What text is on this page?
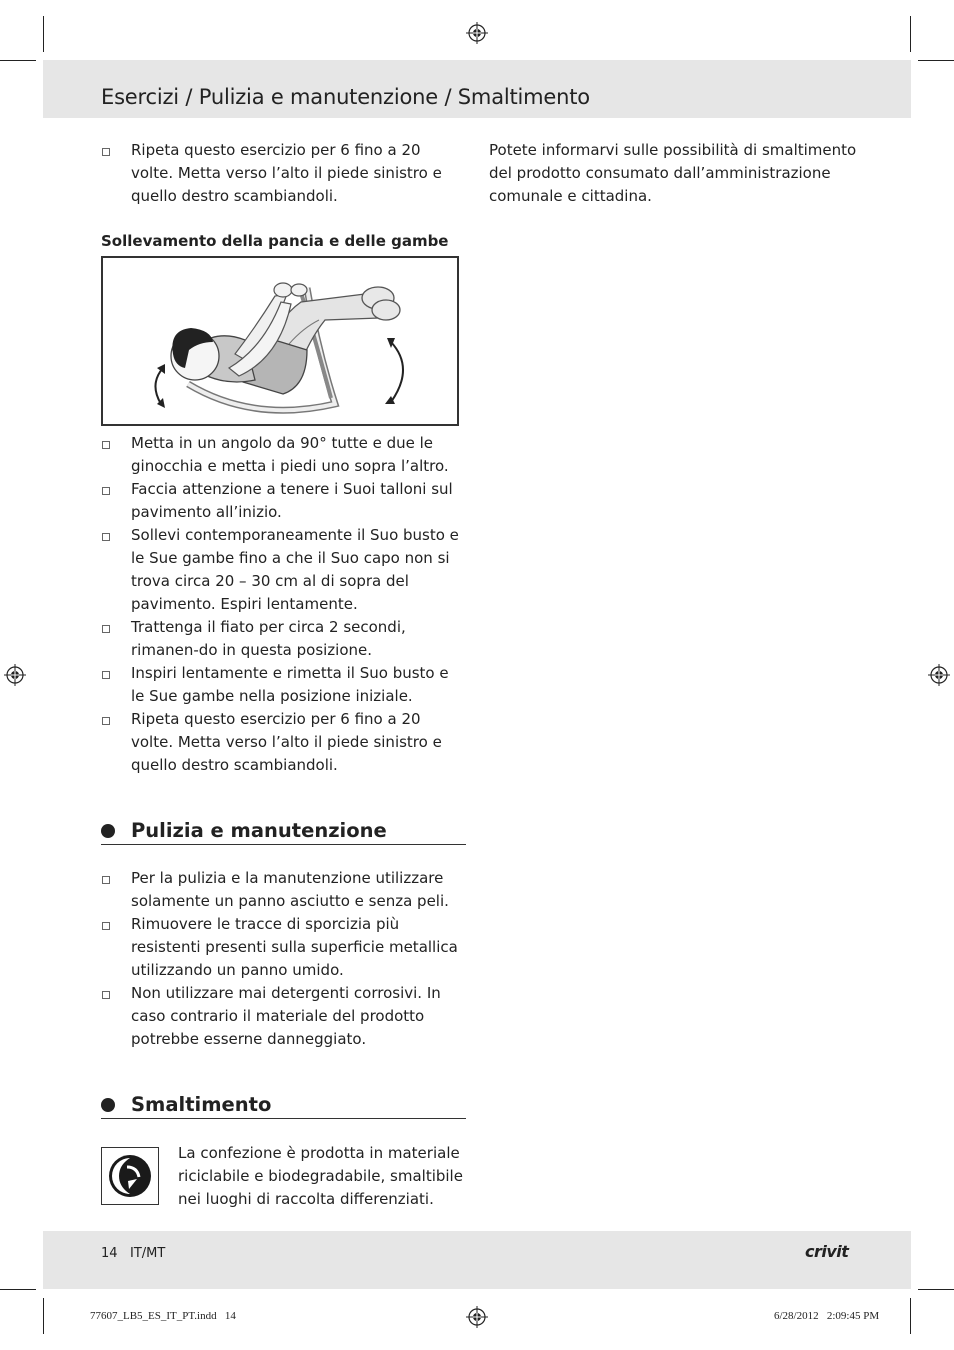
Esercizi / Pulizia e manutenzione / Smaltimento
Ripeta questo esercizio per 6 fino a 20 volte. Metta verso l’alto il piede sinistro e quello destro scambiandoli.

Sollevamento della pancia e delle gambe

Metta in un angolo da 90° tutte e due le ginocchia e metta i piedi uno sopra l’altro.
Faccia attenzione a tenere i Suoi talloni sul pavimento all’inizio.
Sollevi contemporaneamente il Suo busto e le Sue gambe fino a che il Suo capo non si trova circa 20 – 30 cm al di sopra del pavimento. Espiri lentamente.
Trattenga il fiato per circa 2 secondi, rimanen-do in questa posizione.
Inspiri lentamente e rimetta il Suo busto e le Sue gambe nella posizione iniziale.
Ripeta questo esercizio per 6 fino a 20 volte. Metta verso l’alto il piede sinistro e quello destro scambiandoli.
Pulizia e manutenzione
Per la pulizia e la manutenzione utilizzare solamente un panno asciutto e senza peli.
Rimuovere le tracce di sporcizia più resistenti presenti sulla superficie metallica utilizzando un panno umido.
Non utilizzare mai detergenti corrosivi. In caso contrario il materiale del prodotto potrebbe esserne danneggiato.
Smaltimento
La confezione è prodotta in materiale riciclabile e biodegradabile, smaltibile nei luoghi di raccolta differenziati.
Potete informarvi sulle possibilità di smaltimento del prodotto consumato dall’amministrazione comunale e cittadina.
14 IT/MT	crivit
77607_LB5_ES_IT_PT.indd   14	6/28/2012   2:09:45 PM
